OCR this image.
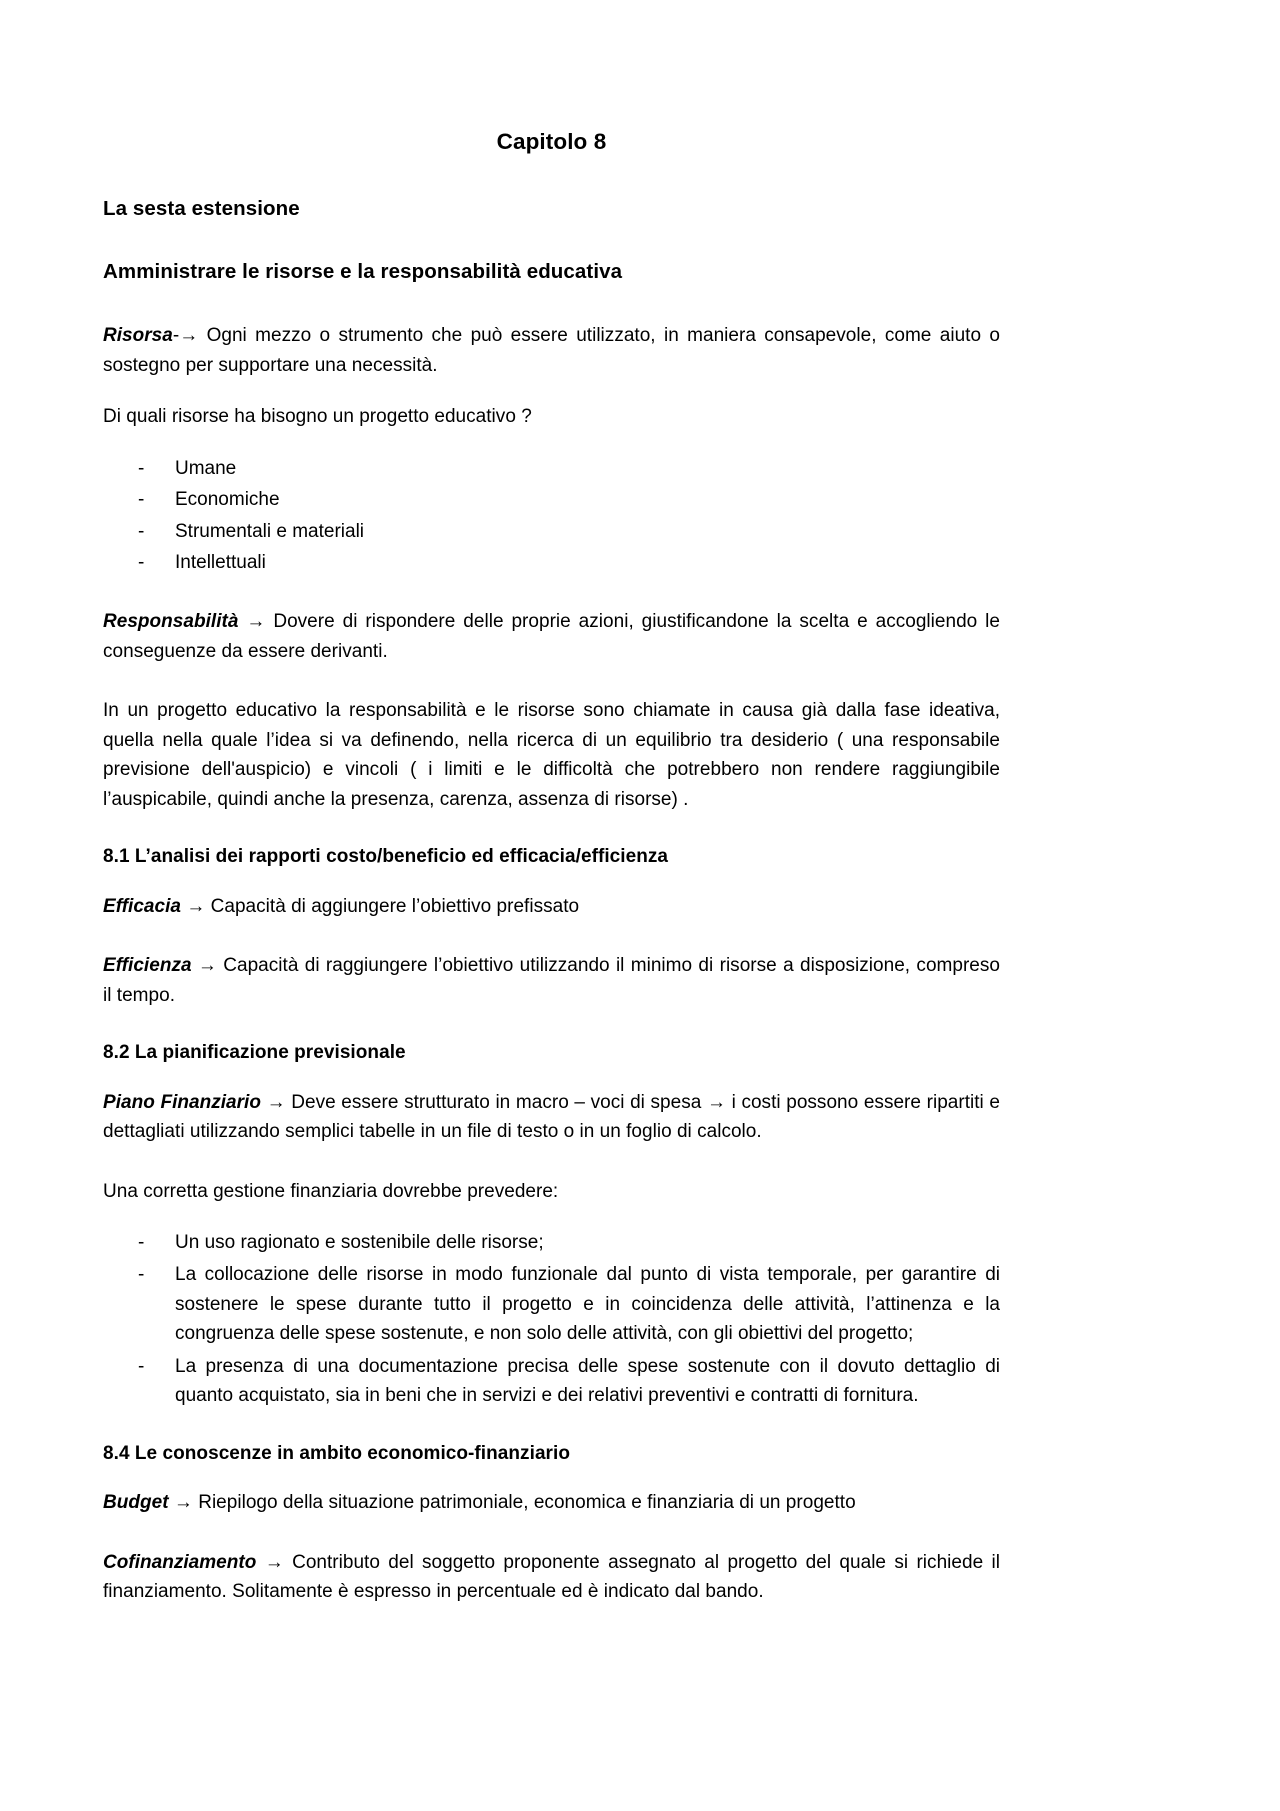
Capitolo 8
La sesta estensione
Amministrare le risorse e la responsabilità educativa

Risorsa-→ Ogni mezzo o strumento che può essere utilizzato, in maniera consapevole, come aiuto o sostegno per supportare una necessità.

Di quali risorse ha bisogno un progetto educativo ?

- Umane
- Economiche
- Strumentali e materiali
- Intellettuali

Responsabilità → Dovere di rispondere delle proprie azioni, giustificandone la scelta e accogliendo le conseguenze da essere derivanti.

In un progetto educativo la responsabilità e le risorse sono chiamate in causa già dalla fase ideativa, quella nella quale l’idea si va definendo, nella ricerca di un equilibrio tra desiderio ( una responsabile previsione dell'auspicio) e vincoli ( i limiti e le difficoltà che potrebbero non rendere raggiungibile l’auspicabile, quindi anche la presenza, carenza, assenza di risorse) .

8.1 L’analisi dei rapporti costo/beneficio ed efficacia/efficienza

Efficacia → Capacità di aggiungere l’obiettivo prefissato

Efficienza → Capacità di raggiungere l’obiettivo utilizzando il minimo di risorse a disposizione, compreso il tempo.

8.2 La pianificazione previsionale

Piano Finanziario → Deve essere strutturato in macro – voci di spesa → i costi possono essere ripartiti e dettagliati utilizzando semplici tabelle in un file di testo o in un foglio di calcolo.

Una corretta gestione finanziaria dovrebbe prevedere:

- Un uso ragionato e sostenibile delle risorse;
- La collocazione delle risorse in modo funzionale dal punto di vista temporale, per garantire di sostenere le spese durante tutto il progetto e in coincidenza delle attività, l’attinenza e la congruenza delle spese sostenute, e non solo delle attività, con gli obiettivi del progetto;
- La presenza di una documentazione precisa delle spese sostenute con il dovuto dettaglio di quanto acquistato, sia in beni che in servizi e dei relativi preventivi e contratti di fornitura.
8.4 Le conoscenze in ambito economico-finanziario

Budget → Riepilogo della situazione patrimoniale, economica e finanziaria di un progetto

Cofinanziamento → Contributo del soggetto proponente assegnato al progetto del quale si richiede il finanziamento. Solitamente è espresso in percentuale ed è indicato dal bando.
